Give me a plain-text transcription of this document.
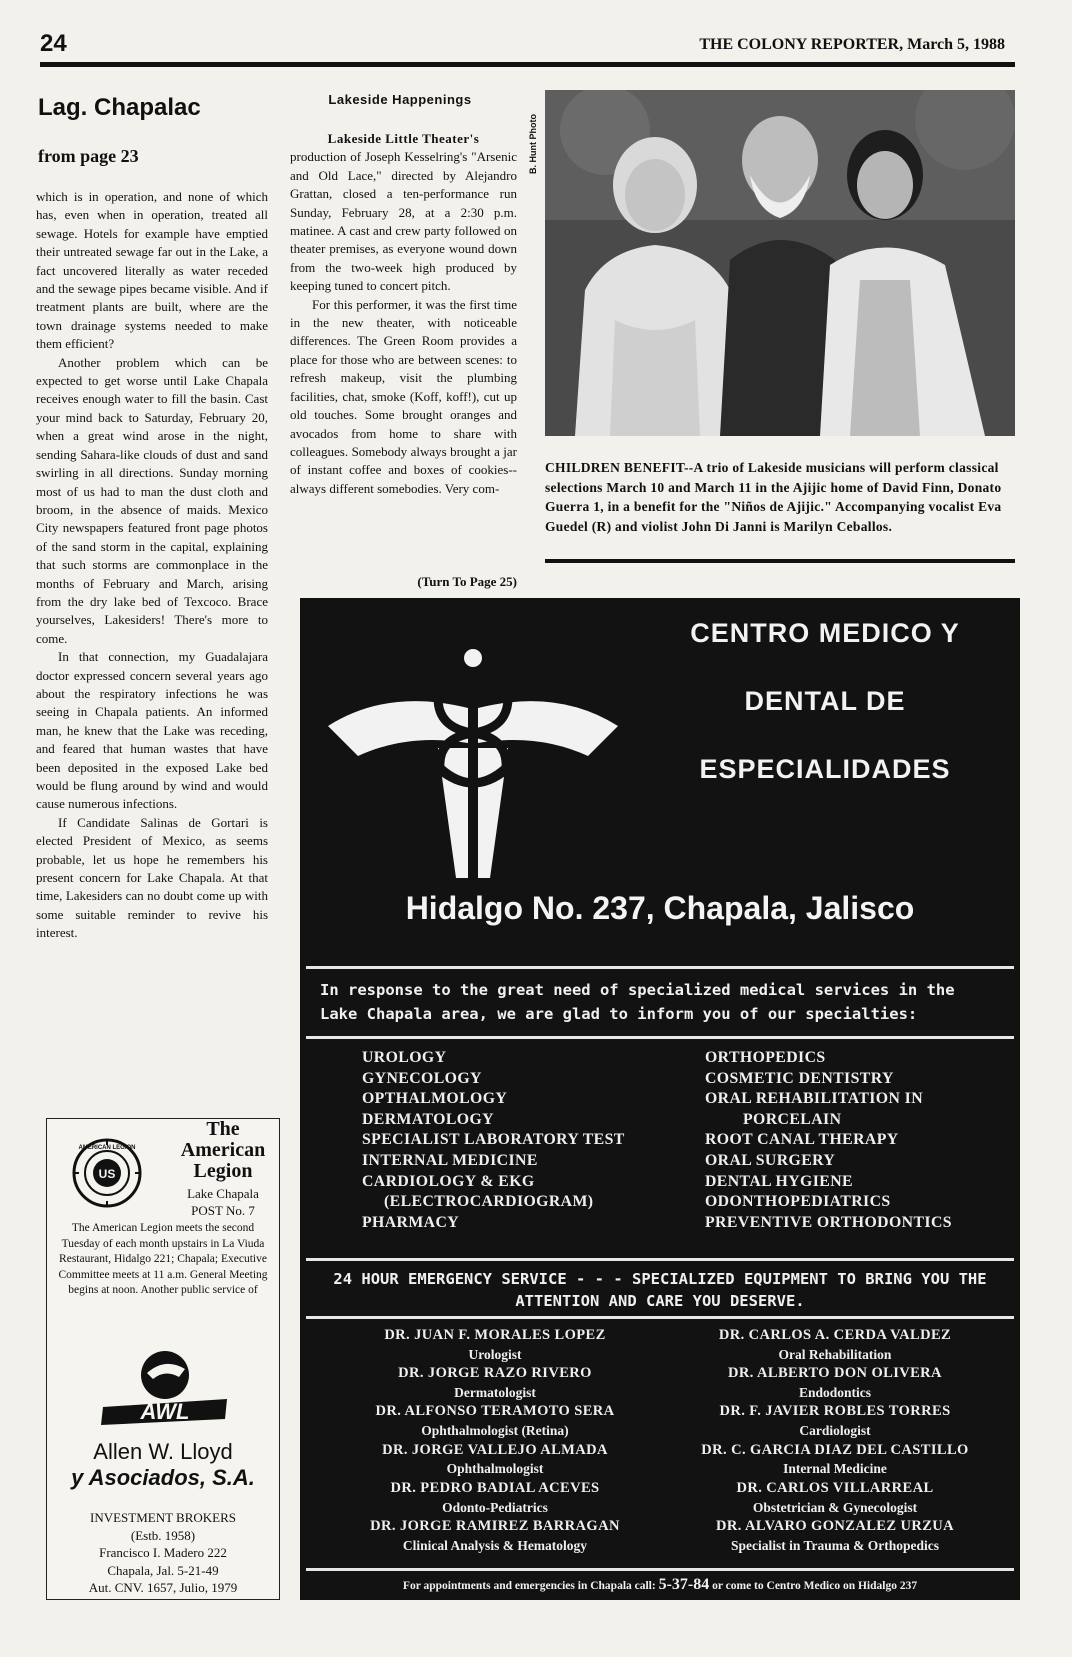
24	THE COLONY REPORTER, March 5, 1988
Lag. Chapalac
from page 23

which is in operation, and none of which has, even when in operation, treated all sewage. Hotels for example have emptied their untreated sewage far out in the Lake, a fact uncovered literally as water receded and the sewage pipes became visible. And if treatment plants are built, where are the town drainage systems needed to make them efficient?

Another problem which can be expected to get worse until Lake Chapala receives enough water to fill the basin. Cast your mind back to Saturday, February 20, when a great wind arose in the night, sending Sahara-like clouds of dust and sand swirling in all directions. Sunday morning most of us had to man the dust cloth and broom, in the absence of maids. Mexico City newspapers featured front page photos of the sand storm in the capital, explaining that such storms are commonplace in the months of February and March, arising from the dry lake bed of Texcoco. Brace yourselves, Lakesiders! There's more to come.

In that connection, my Guadalajara doctor expressed concern several years ago about the respiratory infections he was seeing in Chapala patients. An informed man, he knew that the Lake was receding, and feared that human wastes that have been deposited in the exposed Lake bed would be flung around by wind and would cause numerous infections.

If Candidate Salinas de Gortari is elected President of Mexico, as seems probable, let us hope he remembers his present concern for Lake Chapala. At that time, Lakesiders can no doubt come up with some suitable reminder to revive his interest.

Lakeside Happenings

Lakeside Little Theater's

production of Joseph Kesselring's "Arsenic and Old Lace," directed by Alejandro Grattan, closed a ten-performance run Sunday, February 28, at a 2:30 p.m. matinee. A cast and crew party followed on theater premises, as everyone wound down from the two-week high produced by keeping tuned to concert pitch.

For this performer, it was the first time in the new theater, with noticeable differences. The Green Room provides a place for those who are between scenes: to refresh makeup, visit the plumbing facilities, chat, smoke (Koff, koff!), cut up old touches. Some brought oranges and avocados from home to share with colleagues. Somebody always brought a jar of instant coffee and boxes of cookies--always different somebodies. Very com-

(Turn To Page 25)
B. Hunt Photo
CHILDREN BENEFIT--A trio of Lakeside musicians will perform classical selections March 10 and March 11 in the Ajijic home of David Finn, Donato Guerra 1, in a benefit for the "Niños de Ajijic." Accompanying vocalist Eva Guedel (R) and violist John Di Janni is Marilyn Ceballos.
CENTRO MEDICO Y
DENTAL DE
ESPECIALIDADES
Hidalgo No. 237, Chapala, Jalisco
In response to the great need of specialized medical services in the Lake Chapala area, we are glad to inform you of our specialties:
UROLOGY
GYNECOLOGY
OPTHALMOLOGY
DERMATOLOGY
SPECIALIST LABORATORY TEST
INTERNAL MEDICINE
CARDIOLOGY & EKG
(ELECTROCARDIOGRAM)
PHARMACY
ORTHOPEDICS
COSMETIC DENTISTRY
ORAL REHABILITATION IN
PORCELAIN
ROOT CANAL THERAPY
ORAL SURGERY
DENTAL HYGIENE
ODONTHOPEDIATRICS
PREVENTIVE ORTHODONTICS
24 HOUR EMERGENCY SERVICE - - - SPECIALIZED EQUIPMENT TO BRING YOU THE ATTENTION AND CARE YOU DESERVE.
DR. JUAN F. MORALES LOPEZ
Urologist
DR. JORGE RAZO RIVERO
Dermatologist
DR. ALFONSO TERAMOTO SERA
Ophthalmologist (Retina)
DR. JORGE VALLEJO ALMADA
Ophthalmologist
DR. PEDRO BADIAL ACEVES
Odonto-Pediatrics
DR. JORGE RAMIREZ BARRAGAN
Clinical Analysis & Hematology
DR. CARLOS A. CERDA VALDEZ
Oral Rehabilitation
DR. ALBERTO DON OLIVERA
Endodontics
DR. F. JAVIER ROBLES TORRES
Cardiologist
DR. C. GARCIA DIAZ DEL CASTILLO
Internal Medicine
DR. CARLOS VILLARREAL
Obstetrician & Gynecologist
DR. ALVARO GONZALEZ URZUA
Specialist in Trauma & Orthopedics
For appointments and emergencies in Chapala call: 5-37-84 or come to Centro Medico on Hidalgo 237
US
AMERICAN LEGION
The
American
Legion
Lake Chapala
POST No. 7
The American Legion meets the second Tuesday of each month upstairs in La Viuda Restaurant, Hidalgo 221; Chapala; Executive Committee meets at 11 a.m. General Meeting begins at noon. Another public service of
AWL
Allen W. Lloyd
y Asociados, S.A.
INVESTMENT BROKERS
(Estb. 1958)
Francisco I. Madero 222
Chapala, Jal. 5-21-49
Aut. CNV. 1657, Julio, 1979
